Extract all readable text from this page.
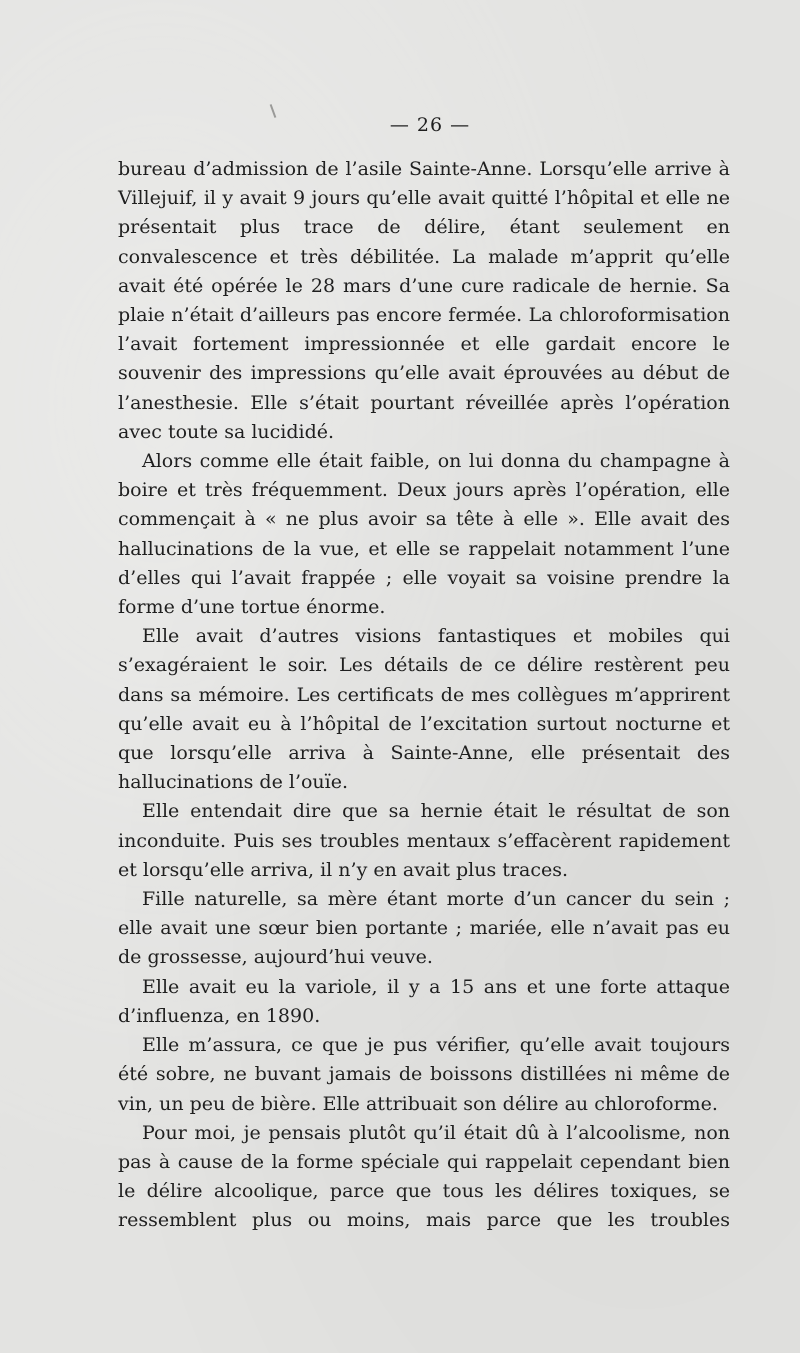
— 26 —

bureau d’admission de l’asile Sainte-Anne. Lorsqu’elle arrive à Villejuif, il y avait 9 jours qu’elle avait quitté l’hôpital et elle ne présentait plus trace de délire, étant seulement en convalescence et très débilitée. La malade m’apprit qu’elle avait été opérée le 28 mars d’une cure radicale de hernie. Sa plaie n’était d’ailleurs pas encore fermée. La chloroformisation l’avait fortement impressionnée et elle gardait encore le souvenir des impressions qu’elle avait éprouvées au début de l’anesthesie. Elle s’était pourtant réveillée après l’opération avec toute sa lucididé.

Alors comme elle était faible, on lui donna du champagne à boire et très fréquemment. Deux jours après l’opération, elle commençait à « ne plus avoir sa tête à elle ». Elle avait des hallucinations de la vue, et elle se rappelait notamment l’une d’elles qui l’avait frappée ; elle voyait sa voisine prendre la forme d’une tortue énorme.

Elle avait d’autres visions fantastiques et mobiles qui s’exagéraient le soir. Les détails de ce délire restèrent peu dans sa mémoire. Les certificats de mes collègues m’apprirent qu’elle avait eu à l’hôpital de l’excitation surtout nocturne et que lorsqu’elle arriva à Sainte-Anne, elle présentait des hallucinations de l’ouïe.

Elle entendait dire que sa hernie était le résultat de son inconduite. Puis ses troubles mentaux s’effacèrent rapidement et lorsqu’elle arriva, il n’y en avait plus traces.

Fille naturelle, sa mère étant morte d’un cancer du sein ; elle avait une sœur bien portante ; mariée, elle n’avait pas eu de grossesse, aujourd’hui veuve.

Elle avait eu la variole, il y a 15 ans et une forte attaque d’influenza, en 1890.

Elle m’assura, ce que je pus vérifier, qu’elle avait toujours été sobre, ne buvant jamais de boissons distillées ni même de vin, un peu de bière. Elle attribuait son délire au chloroforme.

Pour moi, je pensais plutôt qu’il était dû à l’alcoolisme, non pas à cause de la forme spéciale qui rappelait cependant bien le délire alcoolique, parce que tous les délires toxiques, se ressemblent plus ou moins, mais parce que les troubles
